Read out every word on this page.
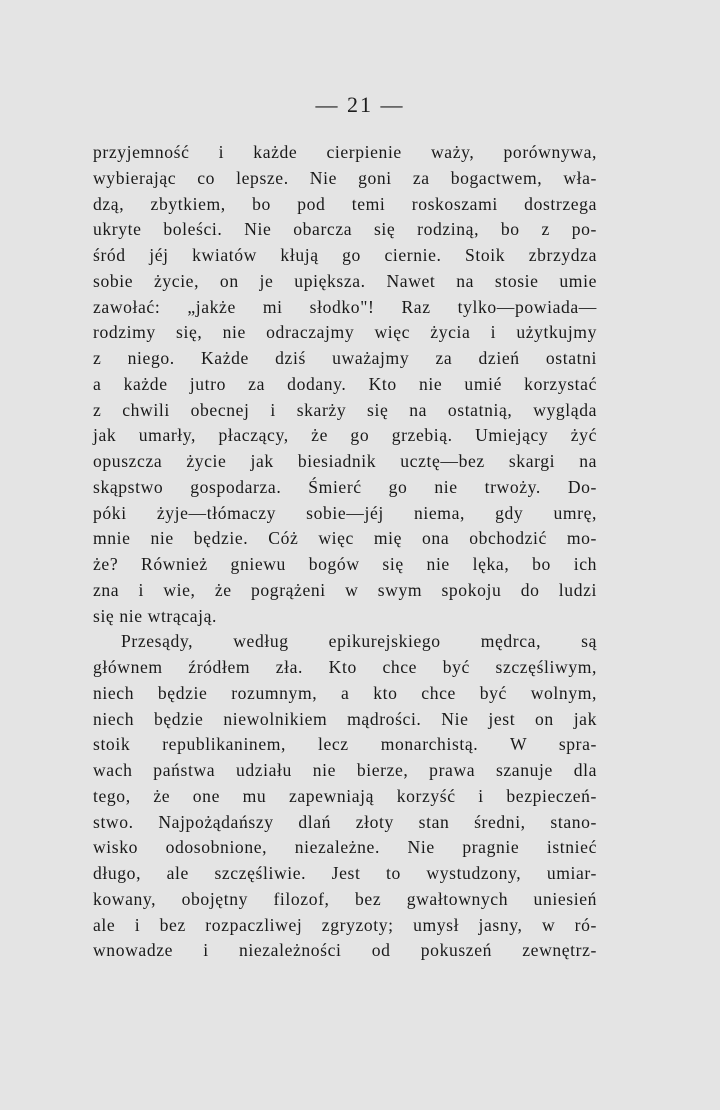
— 21 —
przyjemność i każde cierpienie waży, porównywa,
wybierając co lepsze. Nie goni za bogactwem, wła-
dzą, zbytkiem, bo pod temi roskoszami dostrzega
ukryte boleści. Nie obarcza się rodziną, bo z po-
śród jéj kwiatów kłują go ciernie. Stoik zbrzydza
sobie życie, on je upiększa. Nawet na stosie umie
zawołać: „jakże mi słodko"! Raz tylko—powiada—
rodzimy się, nie odraczajmy więc życia i użytkujmy
z niego. Każde dziś uważajmy za dzień ostatni
a każde jutro za dodany. Kto nie umié korzystać
z chwili obecnej i skarży się na ostatnią, wygląda
jak umarły, płaczący, że go grzebią. Umiejący żyć
opuszcza życie jak biesiadnik ucztę—bez skargi na
skąpstwo gospodarza. Śmierć go nie trwoży. Do-
póki żyje—tłómaczy sobie—jéj niema, gdy umrę,
mnie nie będzie. Cóż więc mię ona obchodzić mo-
że? Również gniewu bogów się nie lęka, bo ich
zna i wie, że pogrążeni w swym spokoju do ludzi
się nie wtrącają.
Przesądy, według epikurejskiego mędrca, są
głównem źródłem zła. Kto chce być szczęśliwym,
niech będzie rozumnym, a kto chce być wolnym,
niech będzie niewolnikiem mądrości. Nie jest on jak
stoik republikaninem, lecz monarchistą. W spra-
wach państwa udziału nie bierze, prawa szanuje dla
tego, że one mu zapewniają korzyść i bezpieczeń-
stwo. Najpożądańszy dlań złoty stan średni, stano-
wisko odosobnione, niezależne. Nie pragnie istnieć
długo, ale szczęśliwie. Jest to wystudzony, umiar-
kowany, obojętny filozof, bez gwałtownych uniesień
ale i bez rozpaczliwej zgryzoty; umysł jasny, w ró-
wnowadze i niezależności od pokuszeń zewnętrz-
